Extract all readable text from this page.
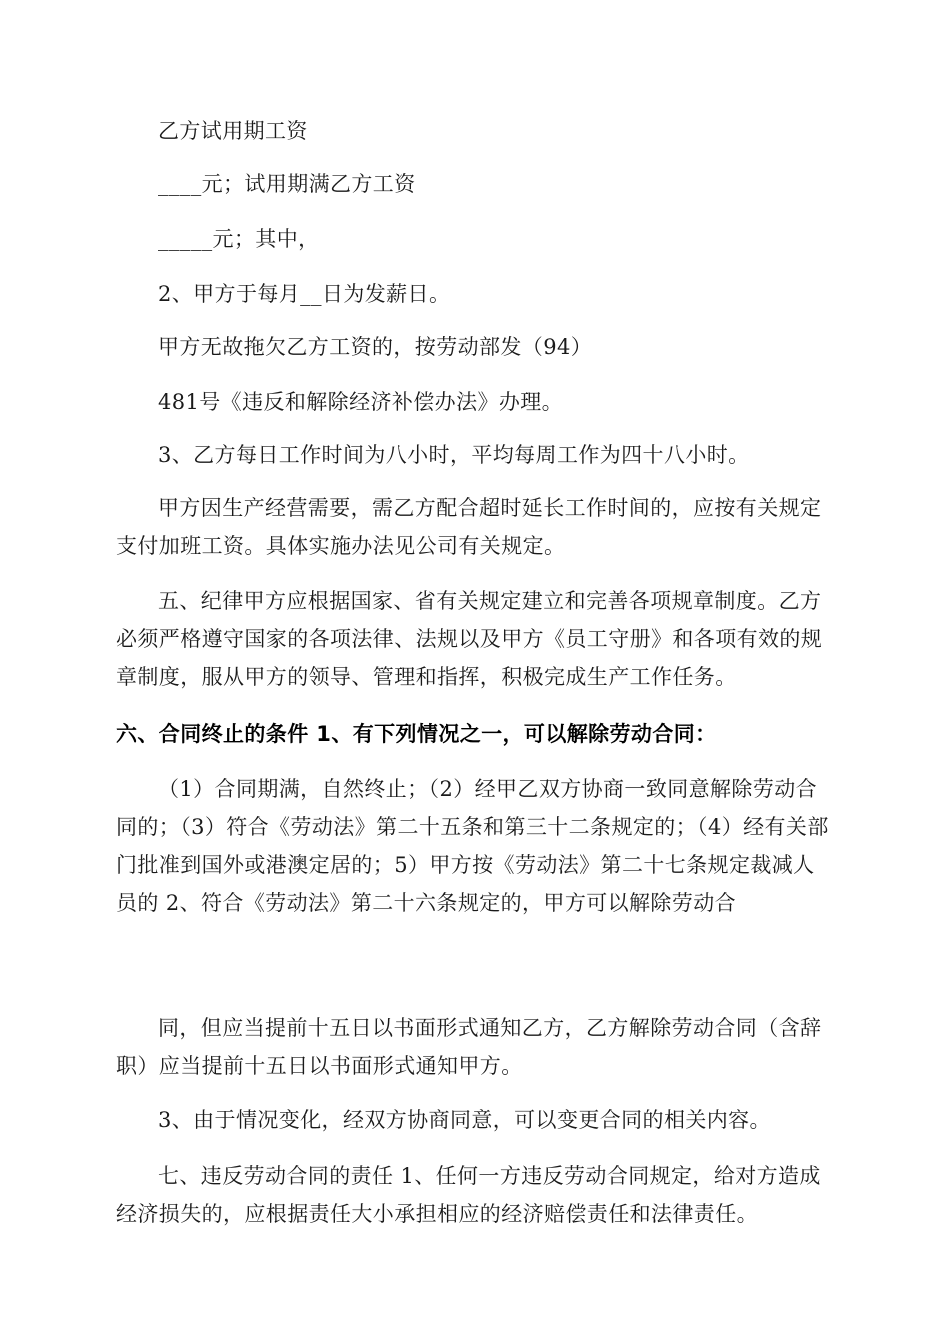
乙方试用期工资

____元；试用期满乙方工资

_____元；其中，

2、甲方于每月__日为发薪日。

甲方无故拖欠乙方工资的，按劳动部发（94）

481号《违反和解除经济补偿办法》办理。

3、乙方每日工作时间为八小时，平均每周工作为四十八小时。

甲方因生产经营需要，需乙方配合超时延长工作时间的，应按有关规定支付加班工资。具体实施办法见公司有关规定。

五、纪律甲方应根据国家、省有关规定建立和完善各项规章制度。乙方必须严格遵守国家的各项法律、法规以及甲方《员工守册》和各项有效的规章制度，服从甲方的领导、管理和指挥，积极完成生产工作任务。

六、合同终止的条件 1、有下列情况之一，可以解除劳动合同：

（1）合同期满，自然终止；（2）经甲乙双方协商一致同意解除劳动合同的；（3）符合《劳动法》第二十五条和第三十二条规定的；（4）经有关部门批准到国外或港澳定居的；5）甲方按《劳动法》第二十七条规定裁减人员的 2、符合《劳动法》第二十六条规定的，甲方可以解除劳动合

同，但应当提前十五日以书面形式通知乙方，乙方解除劳动合同（含辞职）应当提前十五日以书面形式通知甲方。

3、由于情况变化，经双方协商同意，可以变更合同的相关内容。

七、违反劳动合同的责任 1、任何一方违反劳动合同规定，给对方造成经济损失的，应根据责任大小承担相应的经济赔偿责任和法律责任。
